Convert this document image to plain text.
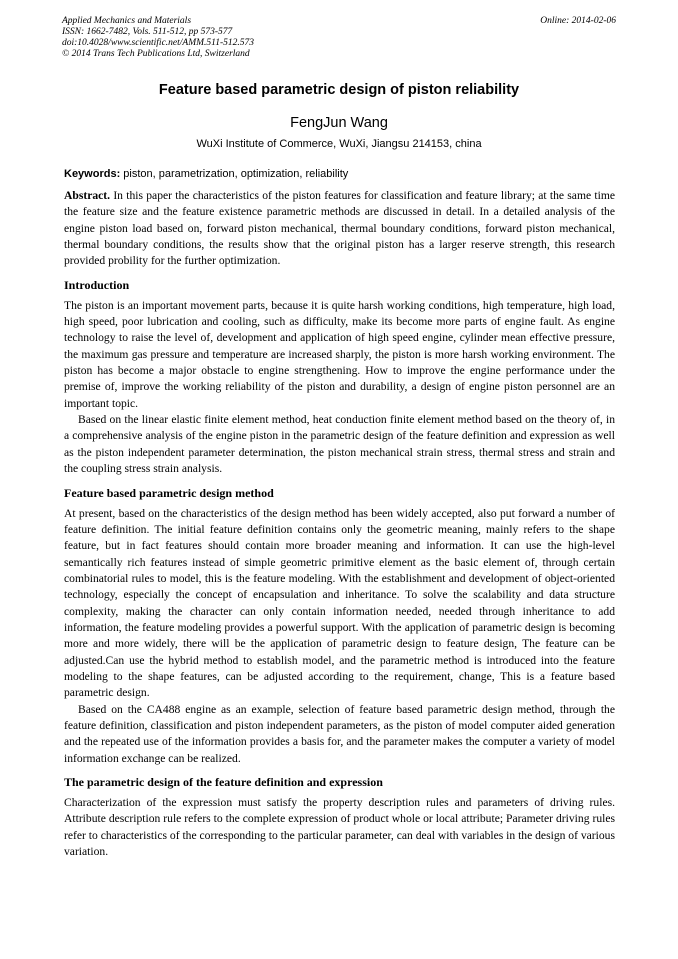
Applied Mechanics and Materials
ISSN: 1662-7482, Vols. 511-512, pp 573-577
doi:10.4028/www.scientific.net/AMM.511-512.573
© 2014 Trans Tech Publications Ltd, Switzerland
Online: 2014-02-06
Feature based parametric design of piston reliability
FengJun Wang
WuXi Institute of Commerce, WuXi, Jiangsu 214153, china
Keywords: piston, parametrization, optimization, reliability

Abstract. In this paper the characteristics of the piston features for classification and feature library; at the same time the feature size and the feature existence parametric methods are discussed in detail. In a detailed analysis of the engine piston load based on, forward piston mechanical, thermal boundary conditions, forward piston mechanical, thermal boundary conditions, the results show that the original piston has a larger reserve strength, this research provided probility for the further optimization.

Introduction

The piston is an important movement parts, because it is quite harsh working conditions, high temperature, high load, high speed, poor lubrication and cooling, such as difficulty, make its become more parts of engine fault. As engine technology to raise the level of, development and application of high speed engine, cylinder mean effective pressure, the maximum gas pressure and temperature are increased sharply, the piston is more harsh working environment. The piston has become a major obstacle to engine strengthening. How to improve the engine performance under the premise of, improve the working reliability of the piston and durability, a design of engine piston personnel are an important topic.

Based on the linear elastic finite element method, heat conduction finite element method based on the theory of, in a comprehensive analysis of the engine piston in the parametric design of the feature definition and expression as well as the piston independent parameter determination, the piston mechanical strain stress, thermal stress and strain and the coupling stress strain analysis.

Feature based parametric design method

At present, based on the characteristics of the design method has been widely accepted, also put forward a number of feature definition. The initial feature definition contains only the geometric meaning, mainly refers to the shape feature, but in fact features should contain more broader meaning and information. It can use the high-level semantically rich features instead of simple geometric primitive element as the basic element of, through certain combinatorial rules to model, this is the feature modeling. With the establishment and development of object-oriented technology, especially the concept of encapsulation and inheritance. To solve the scalability and data structure complexity, making the character can only contain information needed, needed through inheritance to add information, the feature modeling provides a powerful support. With the application of parametric design is becoming more and more widely, there will be the application of parametric design to feature design, The feature can be adjusted.Can use the hybrid method to establish model, and the parametric method is introduced into the feature modeling to the shape features, can be adjusted according to the requirement, change, This is a feature based parametric design.

Based on the CA488 engine as an example, selection of feature based parametric design method, through the feature definition, classification and piston independent parameters, as the piston of model computer aided generation and the repeated use of the information provides a basis for, and the parameter makes the computer a variety of model information exchange can be realized.

The parametric design of the feature definition and expression

Characterization of the expression must satisfy the property description rules and parameters of driving rules. Attribute description rule refers to the complete expression of product whole or local attribute; Parameter driving rules refer to characteristics of the corresponding to the particular parameter, can deal with variables in the design of various variation.
